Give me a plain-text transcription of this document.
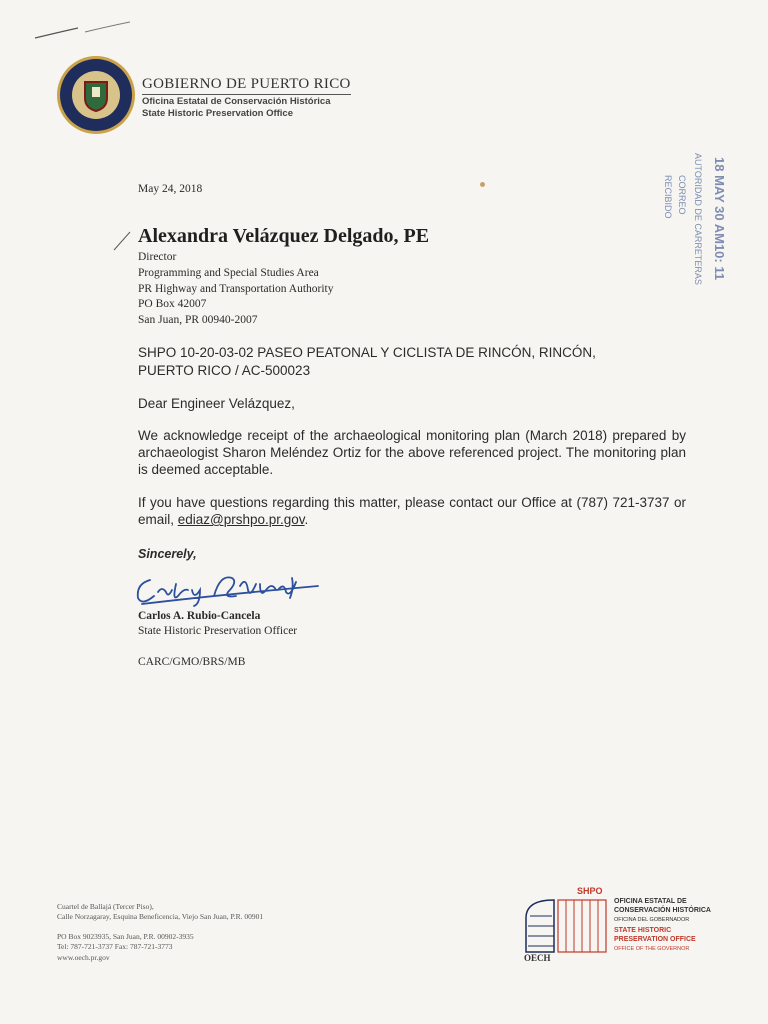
GOBIERNO DE PUERTO RICO
Oficina Estatal de Conservación Histórica
State Historic Preservation Office
18 MAY 30 AM10: 11
AUTORIDAD DE CARRETERAS
CORREO
RECIBIDO
May 24, 2018
Alexandra Velázquez Delgado, PE
Director
Programming and Special Studies Area
PR Highway and Transportation Authority
PO Box 42007
San Juan, PR 00940-2007
SHPO 10-20-03-02 PASEO PEATONAL Y CICLISTA DE RINCÓN, RINCÓN,
PUERTO RICO / AC-500023
Dear Engineer Velázquez,
We acknowledge receipt of the archaeological monitoring plan (March 2018) prepared by archaeologist Sharon Meléndez Ortiz for the above referenced project. The monitoring plan is deemed acceptable.
If you have questions regarding this matter, please contact our Office at (787) 721-3737 or email, ediaz@prshpo.pr.gov.
Sincerely,
Carlos A. Rubio-Cancela
State Historic Preservation Officer
CARC/GMO/BRS/MB
Cuartel de Ballajá (Tercer Piso),
Calle Norzagaray, Esquina Beneficencia, Viejo San Juan, P.R. 00901
PO Box 9023935, San Juan, P.R. 00902-3935
Tel: 787-721-3737 Fax: 787-721-3773
www.oech.pr.gov
SHPO
OECH
OFICINA ESTATAL DE
CONSERVACIÓN HISTÓRICA
OFICINA DEL GOBERNADOR
STATE HISTORIC
PRESERVATION OFFICE
OFFICE OF THE GOVERNOR
